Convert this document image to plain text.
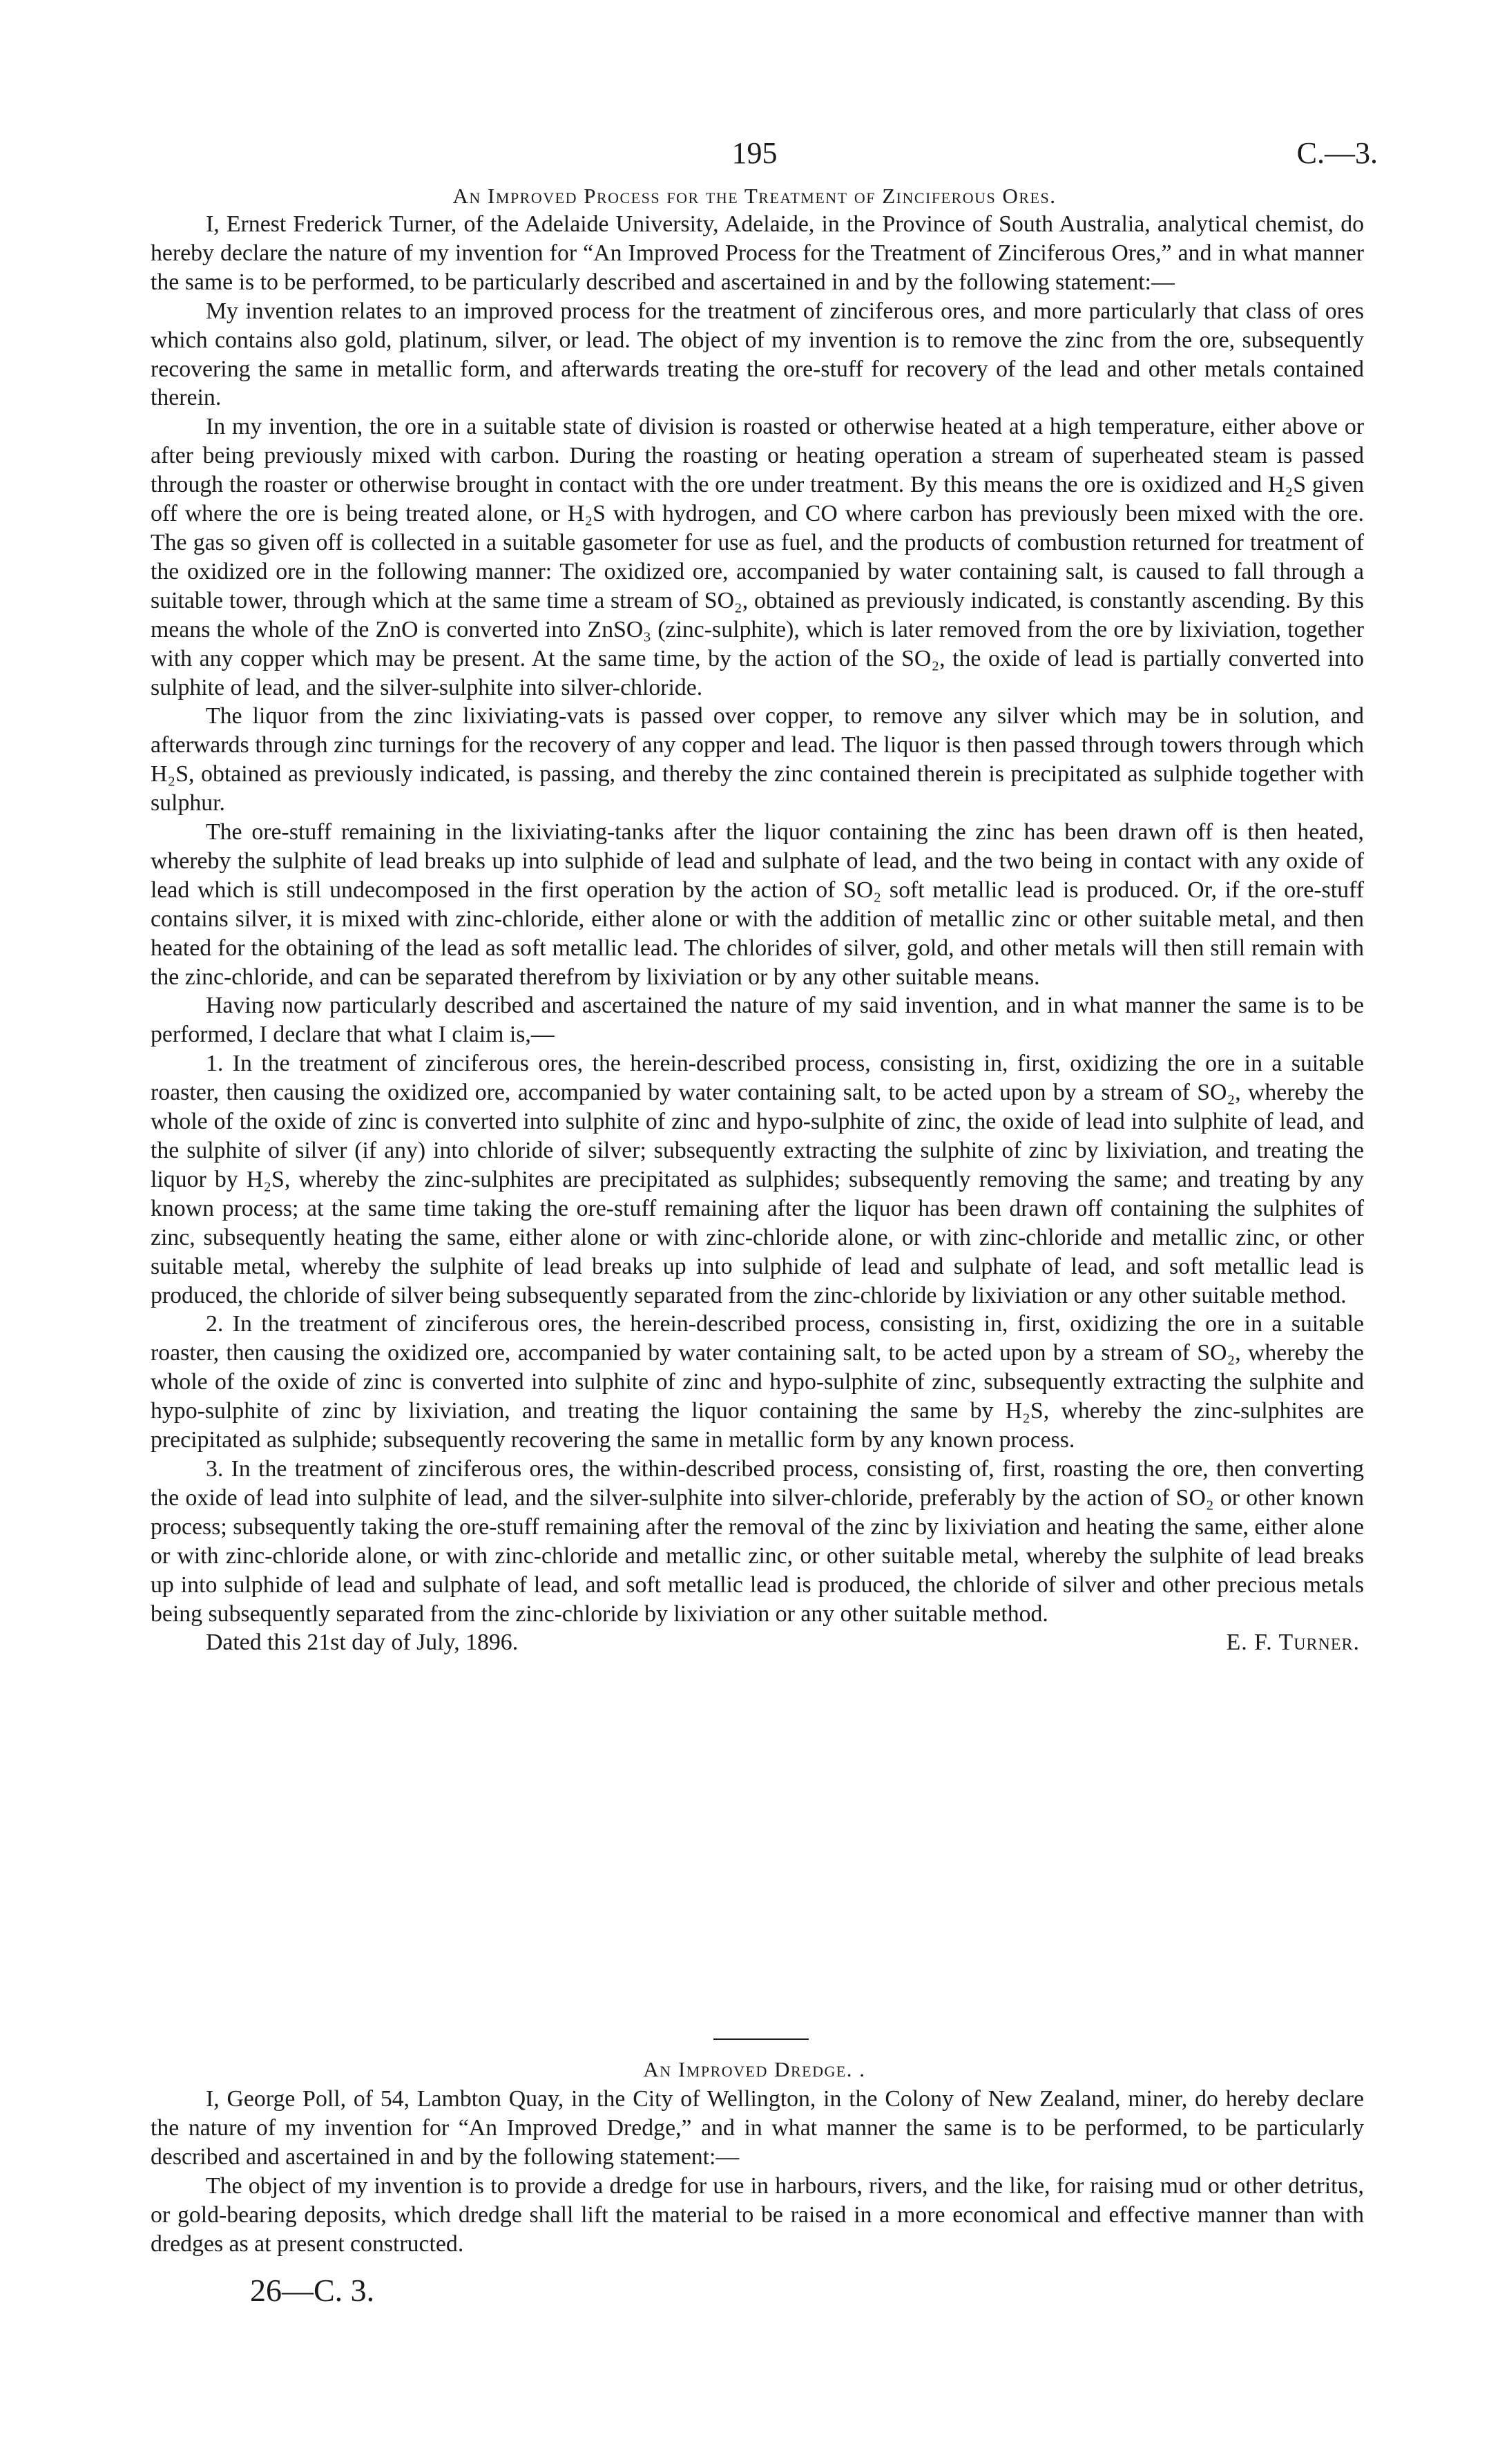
195	C.—3.
An Improved Process for the Treatment of Zinciferous Ores.

I, Ernest Frederick Turner, of the Adelaide University, Adelaide, in the Province of South Australia, analytical chemist, do hereby declare the nature of my invention for “An Improved Process for the Treatment of Zinciferous Ores,” and in what manner the same is to be performed, to be particularly described and ascertained in and by the following statement:—

My invention relates to an improved process for the treatment of zinciferous ores, and more particularly that class of ores which contains also gold, platinum, silver, or lead. The object of my invention is to remove the zinc from the ore, subsequently recovering the same in metallic form, and afterwards treating the ore-stuff for recovery of the lead and other metals contained therein.

In my invention, the ore in a suitable state of division is roasted or otherwise heated at a high temperature, either above or after being previously mixed with carbon. During the roasting or heating operation a stream of superheated steam is passed through the roaster or otherwise brought in contact with the ore under treatment. By this means the ore is oxidized and H₂S given off where the ore is being treated alone, or H₂S with hydrogen, and CO where carbon has previously been mixed with the ore. The gas so given off is collected in a suitable gasometer for use as fuel, and the products of combustion returned for treatment of the oxidized ore in the following manner: The oxidized ore, accompanied by water containing salt, is caused to fall through a suitable tower, through which at the same time a stream of SO₂, obtained as previously indicated, is constantly ascending. By this means the whole of the ZnO is converted into ZnSO₃ (zinc-sulphite), which is later removed from the ore by lixiviation, together with any copper which may be present. At the same time, by the action of the SO₂, the oxide of lead is partially converted into sulphite of lead, and the silver-sulphite into silver-chloride.

The liquor from the zinc lixiviating-vats is passed over copper, to remove any silver which may be in solution, and afterwards through zinc turnings for the recovery of any copper and lead. The liquor is then passed through towers through which H₂S, obtained as previously indicated, is passing, and thereby the zinc contained therein is precipitated as sulphide together with sulphur.

The ore-stuff remaining in the lixiviating-tanks after the liquor containing the zinc has been drawn off is then heated, whereby the sulphite of lead breaks up into sulphide of lead and sulphate of lead, and the two being in contact with any oxide of lead which is still undecomposed in the first operation by the action of SO₂ soft metallic lead is produced. Or, if the ore-stuff contains silver, it is mixed with zinc-chloride, either alone or with the addition of metallic zinc or other suitable metal, and then heated for the obtaining of the lead as soft metallic lead. The chlorides of silver, gold, and other metals will then still remain with the zinc-chloride, and can be separated therefrom by lixiviation or by any other suitable means.

Having now particularly described and ascertained the nature of my said invention, and in what manner the same is to be performed, I declare that what I claim is,—

1. In the treatment of zinciferous ores, the herein-described process, consisting in, first, oxidizing the ore in a suitable roaster, then causing the oxidized ore, accompanied by water containing salt, to be acted upon by a stream of SO₂, whereby the whole of the oxide of zinc is converted into sulphite of zinc and hypo-sulphite of zinc, the oxide of lead into sulphite of lead, and the sulphite of silver (if any) into chloride of silver; subsequently extracting the sulphite of zinc by lixiviation, and treating the liquor by H₂S, whereby the zinc-sulphites are precipitated as sulphides; subsequently removing the same; and treating by any known process; at the same time taking the ore-stuff remaining after the liquor has been drawn off containing the sulphites of zinc, subsequently heating the same, either alone or with zinc-chloride alone, or with zinc-chloride and metallic zinc, or other suitable metal, whereby the sulphite of lead breaks up into sulphide of lead and sulphate of lead, and soft metallic lead is produced, the chloride of silver being subsequently separated from the zinc-chloride by lixiviation or any other suitable method.

2. In the treatment of zinciferous ores, the herein-described process, consisting in, first, oxidizing the ore in a suitable roaster, then causing the oxidized ore, accompanied by water containing salt, to be acted upon by a stream of SO₂, whereby the whole of the oxide of zinc is converted into sulphite of zinc and hypo-sulphite of zinc, subsequently extracting the sulphite and hypo-sulphite of zinc by lixiviation, and treating the liquor containing the same by H₂S, whereby the zinc-sulphites are precipitated as sulphide; subsequently recovering the same in metallic form by any known process.

3. In the treatment of zinciferous ores, the within-described process, consisting of, first, roasting the ore, then converting the oxide of lead into sulphite of lead, and the silver-sulphite into silver-chloride, preferably by the action of SO₂ or other known process; subsequently taking the ore-stuff remaining after the removal of the zinc by lixiviation and heating the same, either alone or with zinc-chloride alone, or with zinc-chloride and metallic zinc, or other suitable metal, whereby the sulphite of lead breaks up into sulphide of lead and sulphate of lead, and soft metallic lead is produced, the chloride of silver and other precious metals being subsequently separated from the zinc-chloride by lixiviation or any other suitable method.

Dated this 21st day of July, 1896.	E. F. Turner.
An Improved Dredge. .

I, George Poll, of 54, Lambton Quay, in the City of Wellington, in the Colony of New Zealand, miner, do hereby declare the nature of my invention for “An Improved Dredge,” and in what manner the same is to be performed, to be particularly described and ascertained in and by the following statement:—

The object of my invention is to provide a dredge for use in harbours, rivers, and the like, for raising mud or other detritus, or gold-bearing deposits, which dredge shall lift the material to be raised in a more economical and effective manner than with dredges as at present constructed.

26—C. 3.
